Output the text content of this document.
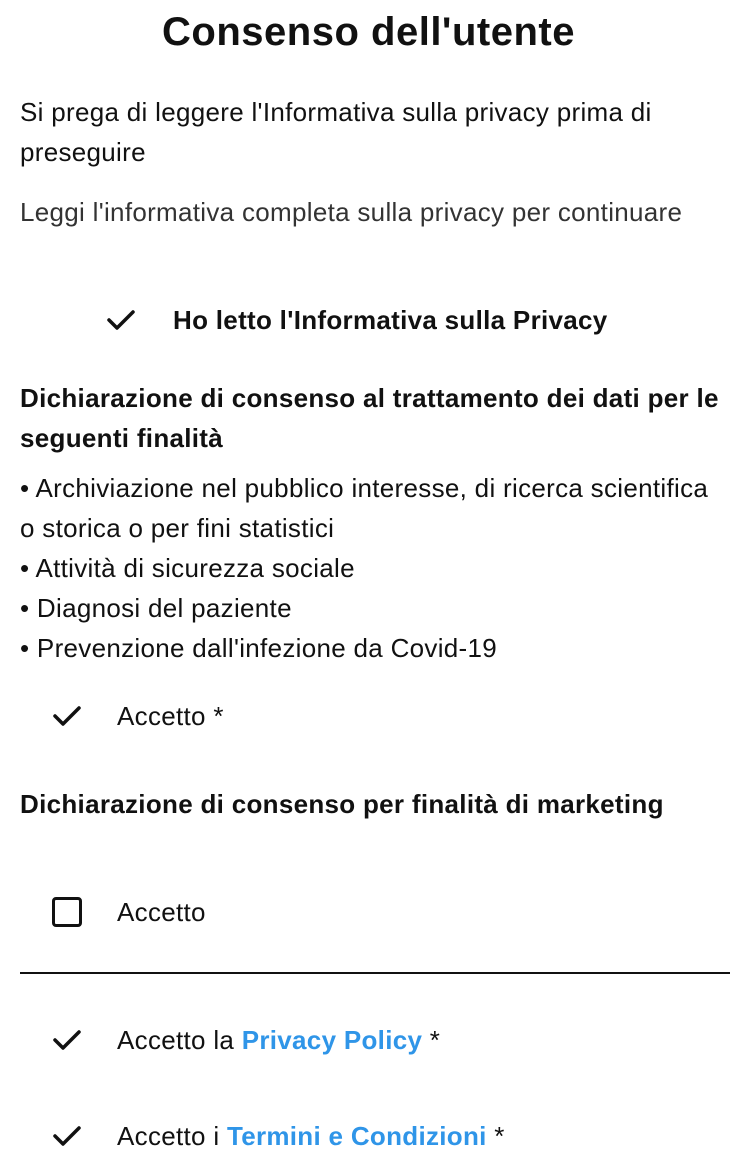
Consenso dell'utente
Si prega di leggere l'Informativa sulla privacy prima di preseguire
Leggi l'informativa completa sulla privacy per continuare
Ho letto l'Informativa sulla Privacy
Dichiarazione di consenso al trattamento dei dati per le seguenti finalità
• Archiviazione nel pubblico interesse, di ricerca scientifica o storica o per fini statistici
• Attività di sicurezza sociale
• Diagnosi del paziente
• Prevenzione dall'infezione da Covid-19
Accetto *
Dichiarazione di consenso per finalità di marketing
Accetto
Accetto la Privacy Policy *
Accetto i Termini e Condizioni *
